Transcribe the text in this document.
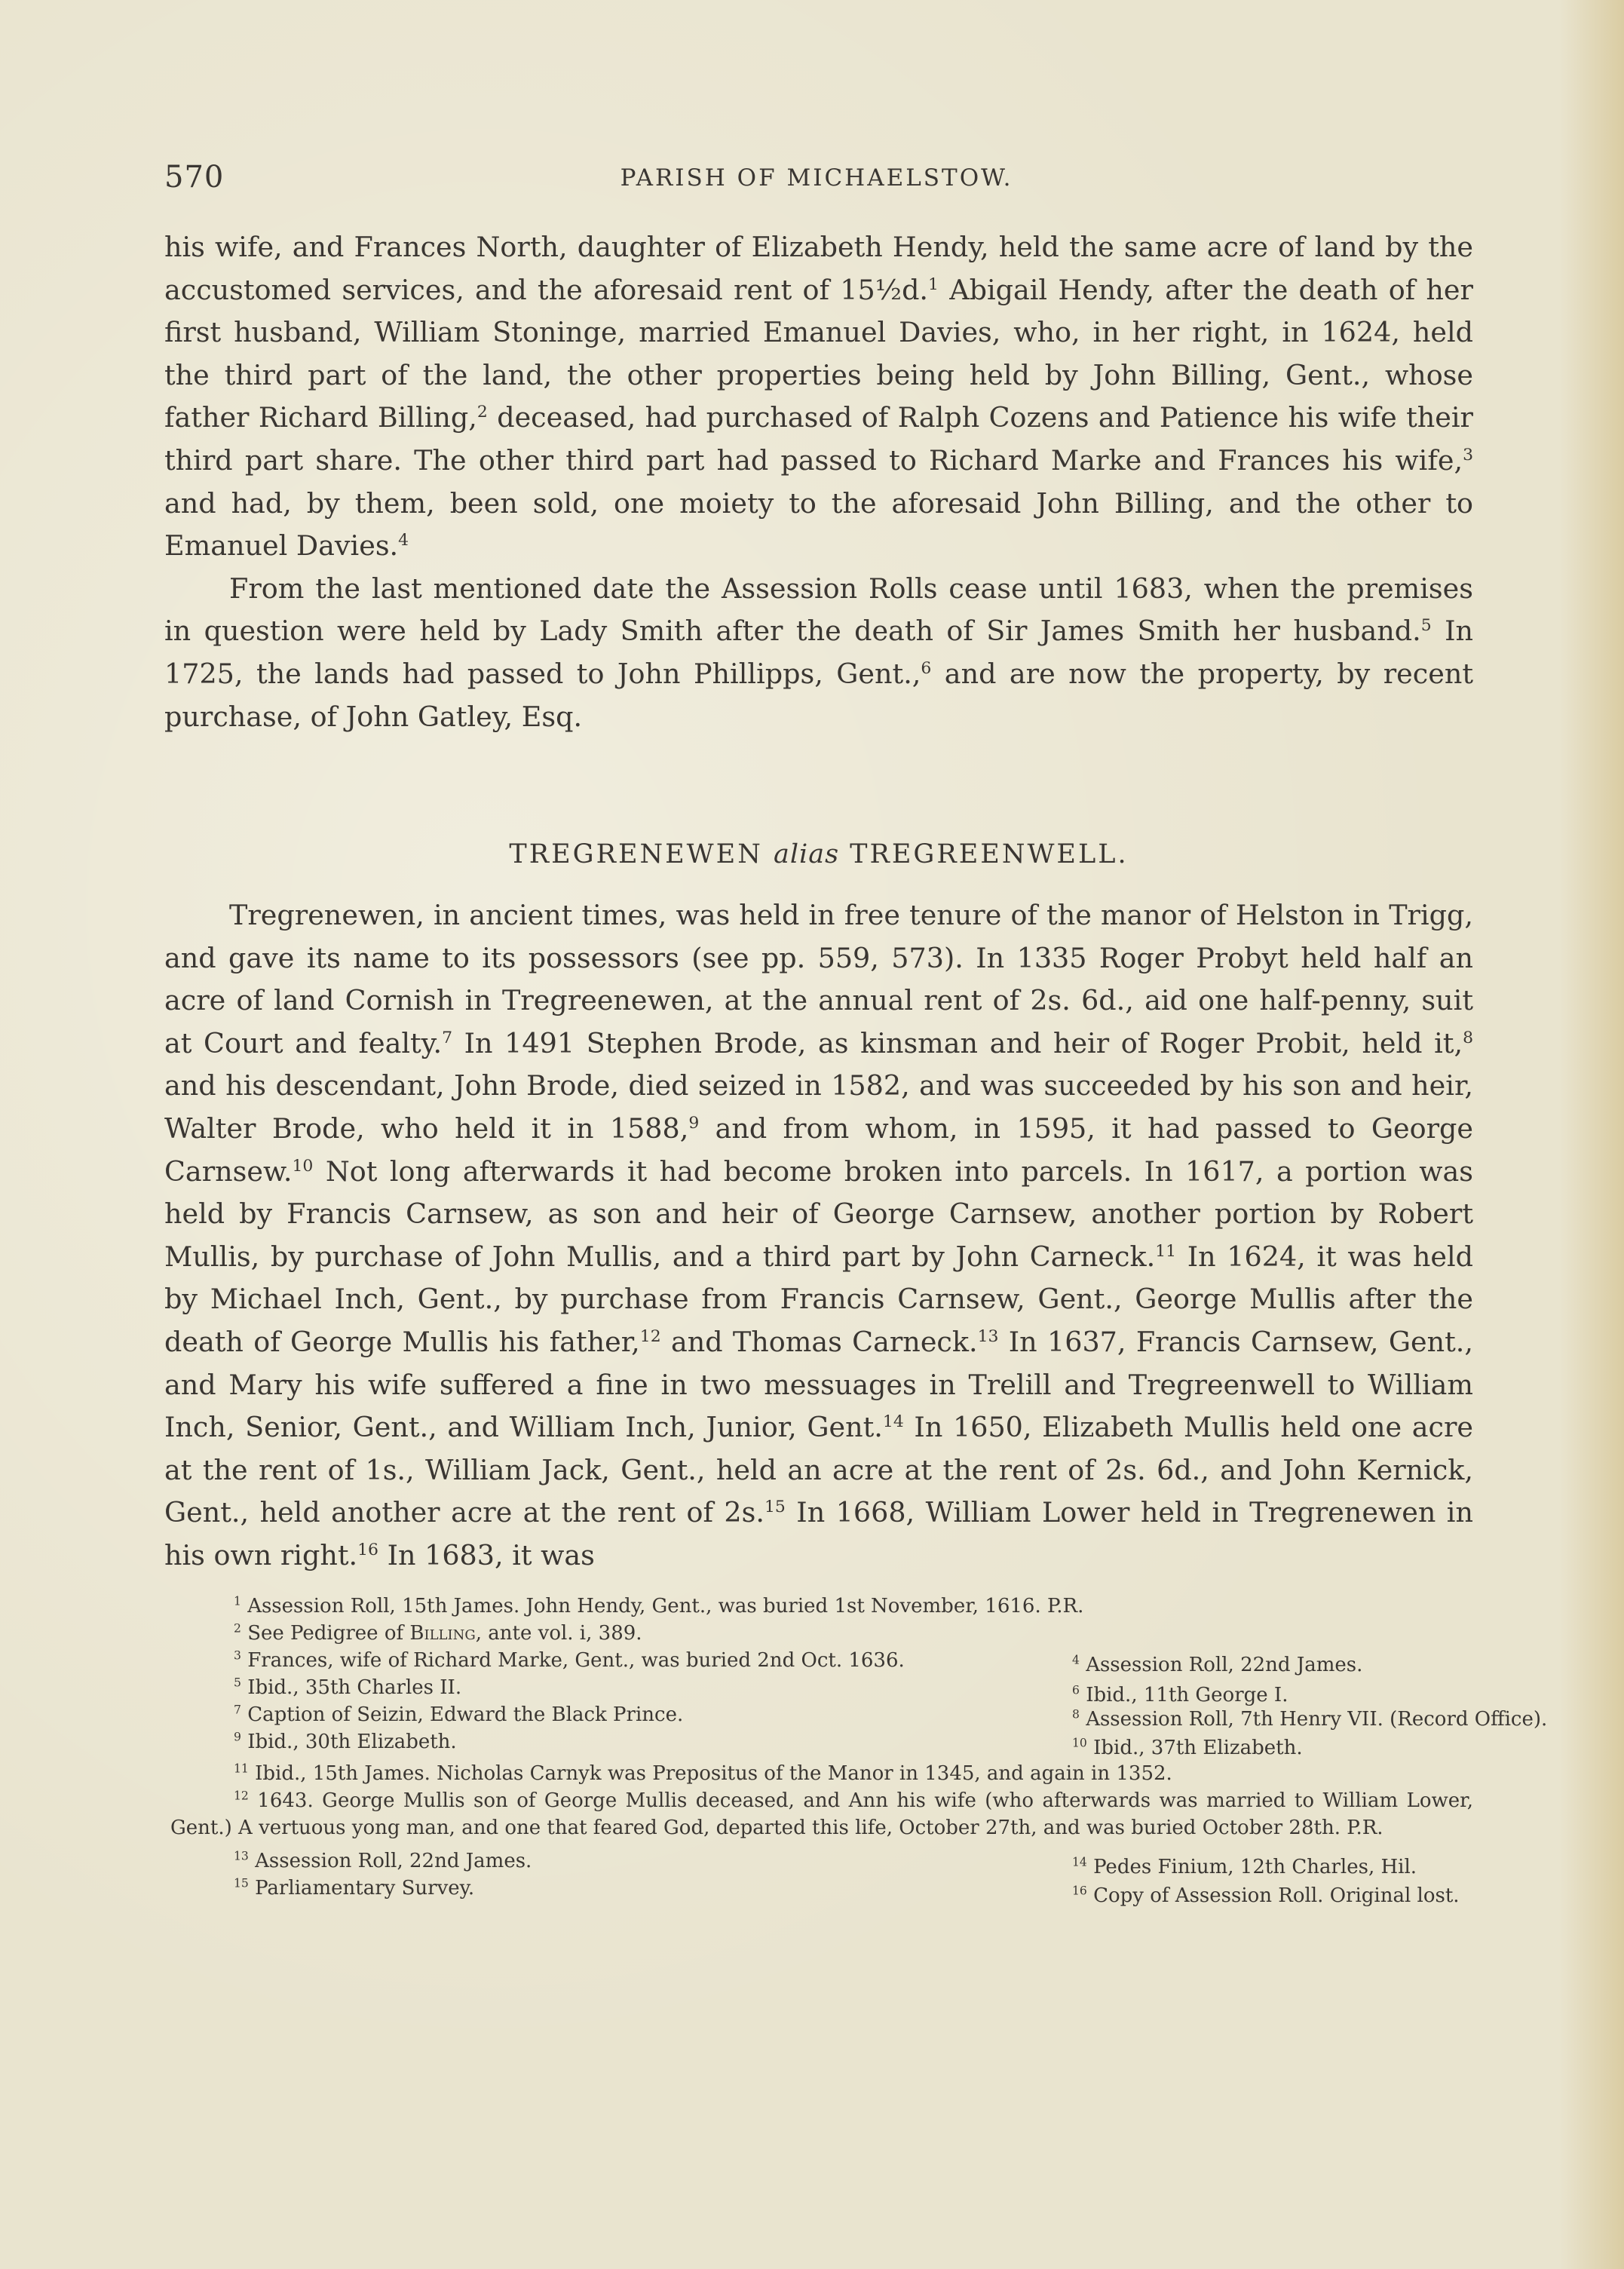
570	PARISH OF MICHAELSTOW.

his wife, and Frances North, daughter of Elizabeth Hendy, held the same acre of land by the accustomed services, and the aforesaid rent of 15½d.$^1$ Abigail Hendy, after the death of her first husband, William Stoninge, married Emanuel Davies, who, in her right, in 1624, held the third part of the land, the other properties being held by John Billing, Gent., whose father Richard Billing,$^2$ deceased, had purchased of Ralph Cozens and Patience his wife their third part share. The other third part had passed to Richard Marke and Frances his wife,$^3$ and had, by them, been sold, one moiety to the aforesaid John Billing, and the other to Emanuel Davies.$^4$

From the last mentioned date the Assession Rolls cease until 1683, when the premises in question were held by Lady Smith after the death of Sir James Smith her husband.$^5$ In 1725, the lands had passed to John Phillipps, Gent.,$^6$ and are now the property, by recent purchase, of John Gatley, Esq.

TREGRENEWEN alias TREGREENWELL.

Tregrenewen, in ancient times, was held in free tenure of the manor of Helston in Trigg, and gave its name to its possessors (see pp. 559, 573). In 1335 Roger Probyt held half an acre of land Cornish in Tregreenewen, at the annual rent of 2s. 6d., aid one half-penny, suit at Court and fealty.$^7$ In 1491 Stephen Brode, as kinsman and heir of Roger Probit, held it,$^8$ and his descendant, John Brode, died seized in 1582, and was succeeded by his son and heir, Walter Brode, who held it in 1588,$^9$ and from whom, in 1595, it had passed to George Carnsew.$^{10}$ Not long afterwards it had become broken into parcels. In 1617, a portion was held by Francis Carnsew, as son and heir of George Carnsew, another portion by Robert Mullis, by purchase of John Mullis, and a third part by John Carneck.$^{11}$ In 1624, it was held by Michael Inch, Gent., by purchase from Francis Carnsew, Gent., George Mullis after the death of George Mullis his father,$^{12}$ and Thomas Carneck.$^{13}$ In 1637, Francis Carnsew, Gent., and Mary his wife suffered a fine in two messuages in Trelill and Tregreenwell to William Inch, Senior, Gent., and William Inch, Junior, Gent.$^{14}$ In 1650, Elizabeth Mullis held one acre at the rent of 1s., William Jack, Gent., held an acre at the rent of 2s. 6d., and John Kernick, Gent., held another acre at the rent of 2s.$^{15}$ In 1668, William Lower held in Tregrenewen in his own right.$^{16}$ In 1683, it was

$^1$ Assession Roll, 15th James. John Hendy, Gent., was buried 1st November, 1616. P.R.
$^2$ See Pedigree of Billing, ante vol. i, 389.
$^3$ Frances, wife of Richard Marke, Gent., was buried 2nd Oct. 1636.	$^4$ Assession Roll, 22nd James.
$^5$ Ibid., 35th Charles II.	$^6$ Ibid., 11th George I.
$^7$ Caption of Seizin, Edward the Black Prince.	$^8$ Assession Roll, 7th Henry VII. (Record Office).
$^9$ Ibid., 30th Elizabeth.	$^{10}$ Ibid., 37th Elizabeth.
$^{11}$ Ibid., 15th James. Nicholas Carnyk was Prepositus of the Manor in 1345, and again in 1352.

$^{12}$ 1643. George Mullis son of George Mullis deceased, and Ann his wife (who afterwards was married to William Lower, Gent.) A vertuous yong man, and one that feared God, departed this life, October 27th, and was buried October 28th. P.R.

$^{13}$ Assession Roll, 22nd James.	$^{14}$ Pedes Finium, 12th Charles, Hil.
$^{15}$ Parliamentary Survey.	$^{16}$ Copy of Assession Roll. Original lost.
